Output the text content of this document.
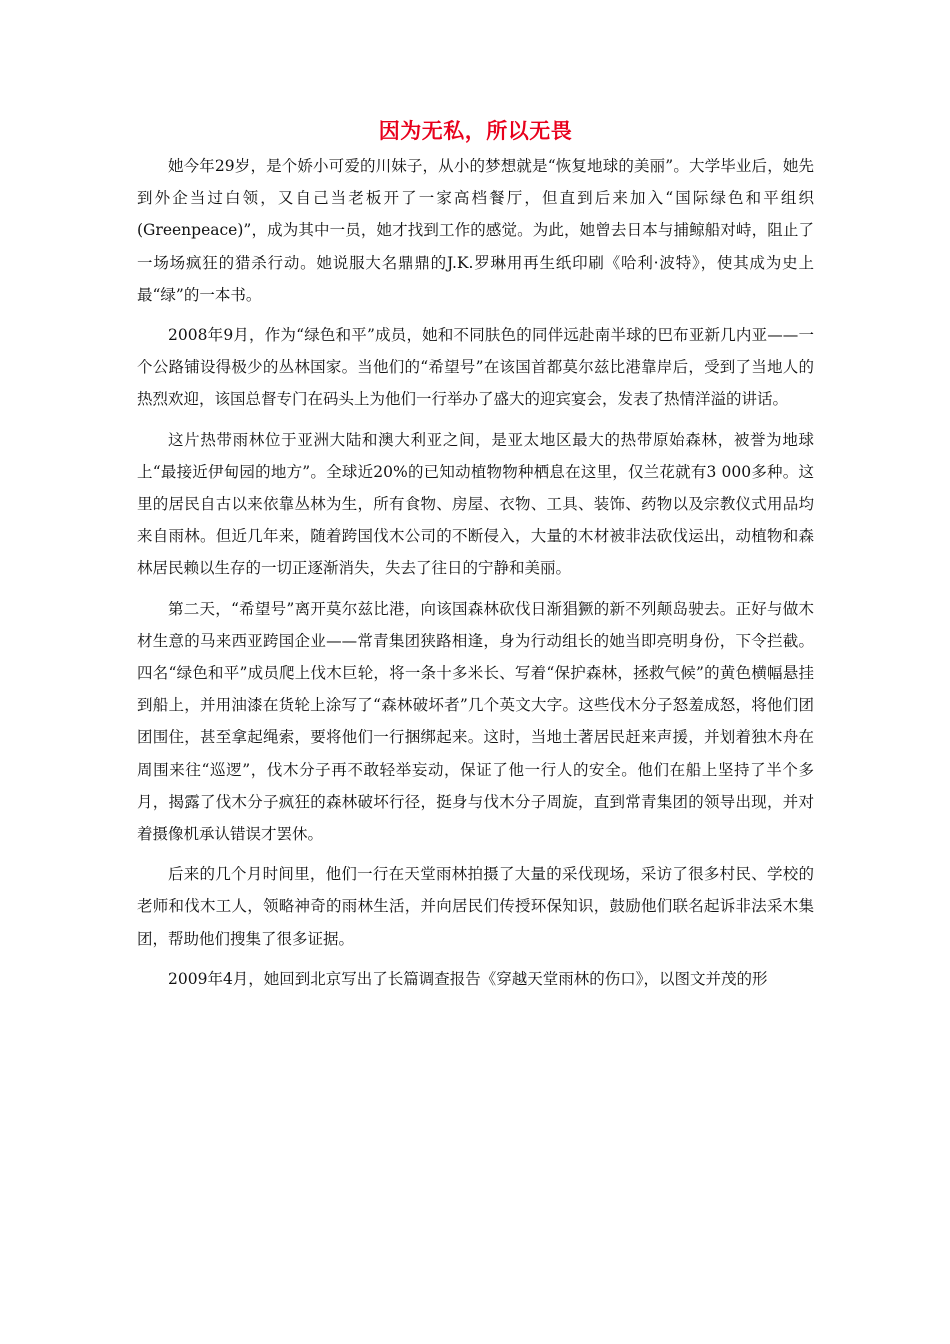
因为无私，所以无畏

她今年29岁，是个娇小可爱的川妹子，从小的梦想就是“恢复地球的美丽”。大学毕业后，她先到外企当过白领，又自己当老板开了一家高档餐厅，但直到后来加入“国际绿色和平组织(Greenpeace)”，成为其中一员，她才找到工作的感觉。为此，她曾去日本与捕鲸船对峙，阻止了一场场疯狂的猎杀行动。她说服大名鼎鼎的J.K.罗琳用再生纸印刷《哈利·波特》，使其成为史上最“绿”的一本书。

2008年9月，作为“绿色和平”成员，她和不同肤色的同伴远赴南半球的巴布亚新几内亚——一个公路铺设得极少的丛林国家。当他们的“希望号”在该国首都莫尔兹比港靠岸后，受到了当地人的热烈欢迎，该国总督专门在码头上为他们一行举办了盛大的迎宾宴会，发表了热情洋溢的讲话。

这片热带雨林位于亚洲大陆和澳大利亚之间，是亚太地区最大的热带原始森林，被誉为地球上“最接近伊甸园的地方”。全球近20%的已知动植物物种栖息在这里，仅兰花就有3 000多种。这里的居民自古以来依靠丛林为生，所有食物、房屋、衣物、工具、装饰、药物以及宗教仪式用品均来自雨林。但近几年来，随着跨国伐木公司的不断侵入，大量的木材被非法砍伐运出，动植物和森林居民赖以生存的一切正逐渐消失，失去了往日的宁静和美丽。

第二天，“希望号”离开莫尔兹比港，向该国森林砍伐日渐猖獗的新不列颠岛驶去。正好与做木材生意的马来西亚跨国企业——常青集团狭路相逢，身为行动组长的她当即亮明身份，下令拦截。四名“绿色和平”成员爬上伐木巨轮，将一条十多米长、写着“保护森林，拯救气候”的黄色横幅悬挂到船上，并用油漆在货轮上涂写了“森林破坏者”几个英文大字。这些伐木分子怒羞成怒，将他们团团围住，甚至拿起绳索，要将他们一行捆绑起来。这时，当地土著居民赶来声援，并划着独木舟在周围来往“巡逻”，伐木分子再不敢轻举妄动，保证了他一行人的安全。他们在船上坚持了半个多月，揭露了伐木分子疯狂的森林破坏行径，挺身与伐木分子周旋，直到常青集团的领导出现，并对着摄像机承认错误才罢休。

后来的几个月时间里，他们一行在天堂雨林拍摄了大量的采伐现场，采访了很多村民、学校的老师和伐木工人，领略神奇的雨林生活，并向居民们传授环保知识，鼓励他们联名起诉非法采木集团，帮助他们搜集了很多证据。

2009年4月，她回到北京写出了长篇调查报告《穿越天堂雨林的伤口》，以图文并茂的形
